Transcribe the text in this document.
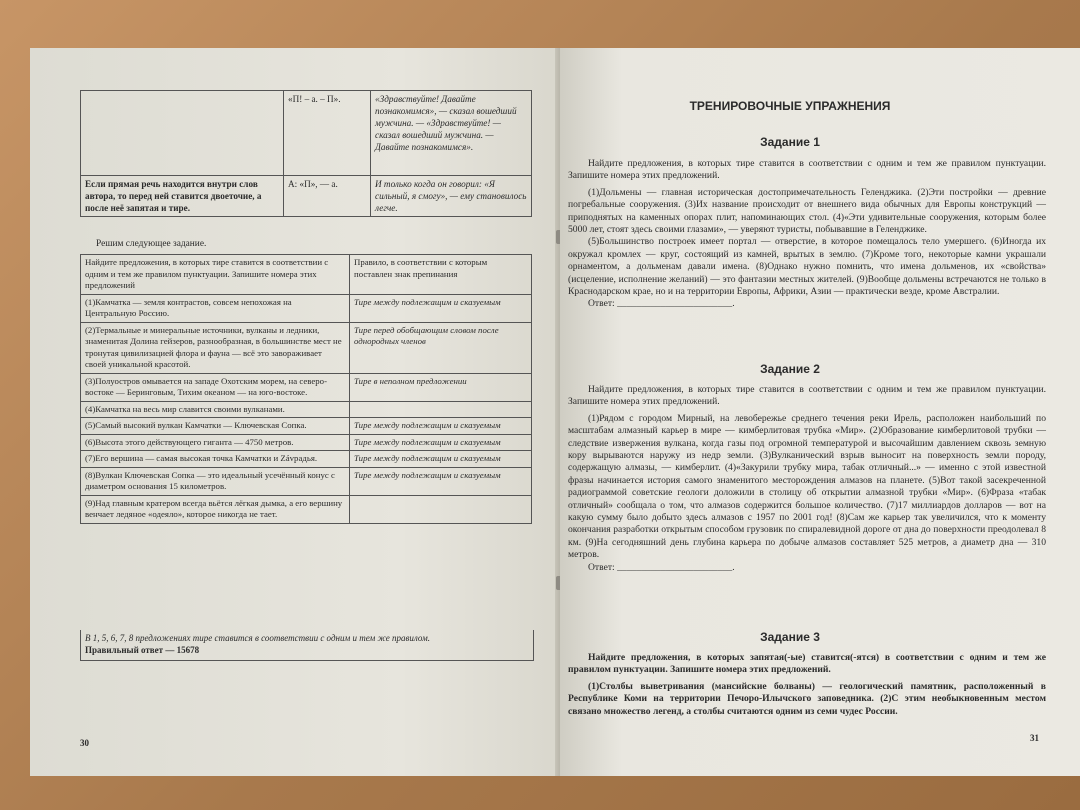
	«П! – а. – П».	«Здравствуйте! Давайте познакомимся», — сказал вошедший мужчина. — «Здравствуйте! — сказал вошедший мужчина. — Давайте познакомимся».
Если прямая речь находится внутри слов автора, то перед ней ставится двоеточие, а после неё запятая и тире.	А: «П», — а.	И только когда он говорил: «Я сильный, я смогу», — ему становилось легче.
Решим следующее задание.
Найдите предложения, в которых тире ставится в соответствии с одним и тем же правилом пунктуации. Запишите номера этих предложений	Правило, в соответствии с которым поставлен знак препинания
(1)Камчатка — земля контрастов, совсем непохожая на Центральную Россию.	Тире между подлежащим и сказуемым
(2)Термальные и минеральные источники, вулканы и ледники, знаменитая Долина гейзеров, разнообразная, в большинстве мест не тронутая цивилизацией флора и фауна — всё это завораживает своей уникальной красотой.	Тире перед обобщающим словом после однородных членов
(3)Полуостров омывается на западе Охотским морем, на северо-востоке — Беринговым, Тихим океаном — на юго-востоке.	Тире в неполном предложении
(4)Камчатка на весь мир славится своими вулканами.	
(5)Самый высокий вулкан Камчатки — Ключевская Сопка.	Тире между подлежащим и сказуемым
(6)Высота этого действующего гиганта — 4750 метров.	Тире между подлежащим и сказуемым
(7)Его вершина — самая высокая точка Камчатки и Závрадья.	Тире между подлежащим и сказуемым
(8)Вулкан Ключевская Сопка — это идеальный усечённый конус с диаметром основания 15 километров.	Тире между подлежащим и сказуемым
(9)Над главным кратером всегда вьётся лёгкая дымка, а его вершину венчает ледяное «одеяло», которое никогда не тает.	
В 1, 5, 6, 7, 8 предложениях тире ставится в соответствии с одним и тем же правилом.
Правильный ответ — 15678
30
ТРЕНИРОВОЧНЫЕ УПРАЖНЕНИЯ
Задание 1

Найдите предложения, в которых тире ставится в соответствии с одним и тем же правилом пунктуации. Запишите номера этих предложений.

(1)Дольмены — главная историческая достопримечательность Геленджика. (2)Эти постройки — древние погребальные сооружения. (3)Их название происходит от внешнего вида обычных для Европы конструкций — приподнятых на каменных опорах плит, напоминающих стол. (4)«Эти удивительные сооружения, которым более 5000 лет, стоят здесь своими глазами», — уверяют туристы, побывавшие в Геленджике.

(5)Большинство построек имеет портал — отверстие, в которое помещалось тело умершего. (6)Иногда их окружал кромлех — круг, состоящий из камней, врытых в землю. (7)Кроме того, некоторые камни украшали орнаментом, а дольменам давали имена. (8)Однако нужно помнить, что имена дольменов, их «свойства» (исцеление, исполнение желаний) — это фантазии местных жителей. (9)Вообще дольмены встречаются не только в Краснодарском крае, но и на территории Европы, Африки, Азии — практически везде, кроме Австралии.

Ответ: ________________________.

Задание 2

Найдите предложения, в которых тире ставится в соответствии с одним и тем же правилом пунктуации. Запишите номера этих предложений.

(1)Рядом с городом Мирный, на левобережье среднего течения реки Ирель, расположен наибольший по масштабам алмазный карьер в мире — кимберлитовая трубка «Мир». (2)Образование кимберлитовой трубки — следствие извержения вулкана, когда газы под огромной температурой и высочайшим давлением сквозь земную кору вырываются наружу из недр земли. (3)Вулканический взрыв выносит на поверхность земли породу, содержащую алмазы, — кимберлит. (4)«Закурили трубку мира, табак отличный...» — именно с этой известной фразы начинается история самого знаменитого месторождения алмазов на планете. (5)Вот такой засекреченной радиограммой советские геологи доложили в столицу об открытии алмазной трубки «Мир». (6)Фраза «табак отличный» сообщала о том, что алмазов содержится большое количество. (7)17 миллиардов долларов — вот на какую сумму было добыто здесь алмазов с 1957 по 2001 год! (8)Сам же карьер так увеличился, что к моменту окончания разработки открытым способом грузовик по спиралевидной дороге от дна до поверхности преодолевал 8 км. (9)На сегодняшний день глубина карьера по добыче алмазов составляет 525 метров, а диаметр дна — 310 метров.

Ответ: ________________________.

Задание 3

Найдите предложения, в которых запятая(-ые) ставится(-ятся) в соответствии с одним и тем же правилом пунктуации. Запишите номера этих предложений.

(1)Столбы выветривания (мансийские болваны) — геологический памятник, расположенный в Республике Коми на территории Печоро-Илычского заповедника. (2)С этим необыкновенным местом связано множество легенд, а столбы считаются одним из семи чудес России.

31
